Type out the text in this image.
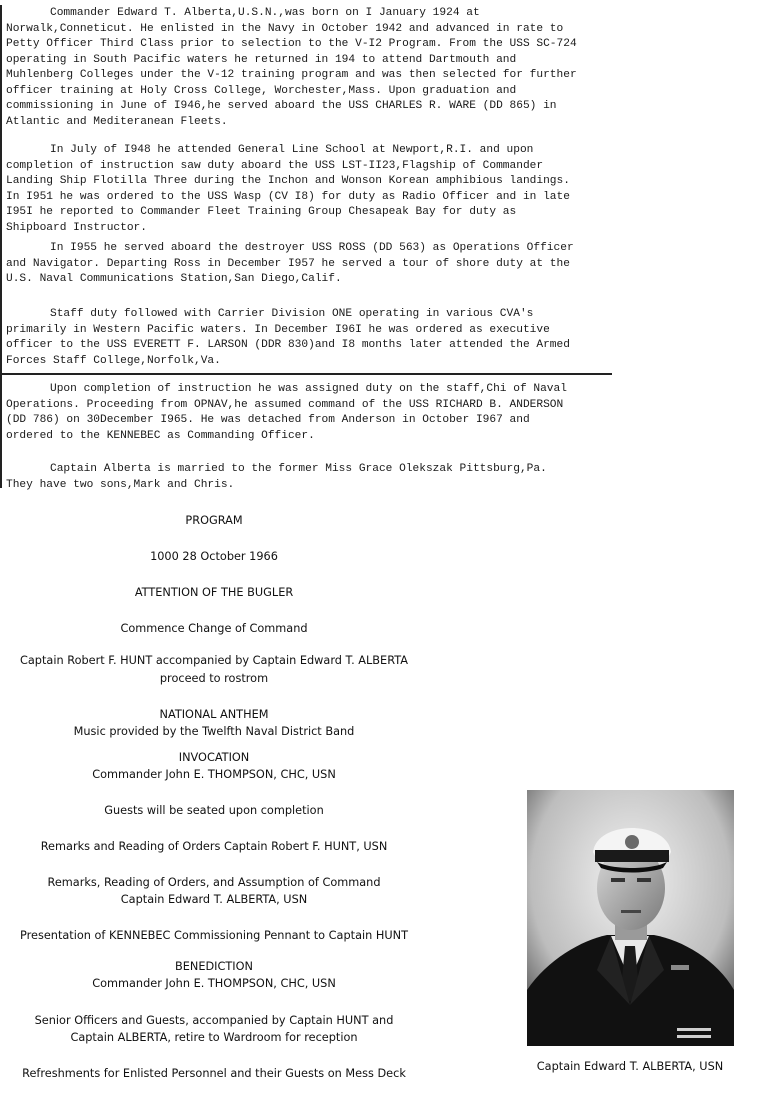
Commander Edward T. Alberta,U.S.N.,was born on I January 1924 at Norwalk,Conneticut. He enlisted in the Navy in October 1942 and advanced in rate to Petty Officer Third Class prior to selection to the V-I2 Program. From the USS SC-724 operating in South Pacific waters he returned in 194 to attend Dartmouth and Muhlenberg Colleges under the V-12 training program and was then selected for further officer training at Holy Cross College, Worchester,Mass. Upon graduation and commissioning in June of I946,he served aboard the USS CHARLES R. WARE (DD 865) in Atlantic and Mediteranean Fleets.

In July of I948 he attended General Line School at Newport,R.I. and upon completion of instruction saw duty aboard the USS LST-II23,Flagship of Commander Landing Ship Flotilla Three during the Inchon and Wonson Korean amphibious landings. In I951 he was ordered to the USS Wasp (CV I8) for duty as Radio Officer and in late I95I he reported to Commander Fleet Training Group Chesapeak Bay for duty as Shipboard Instructor.

In I955 he served aboard the destroyer USS ROSS (DD 563) as Operations Officer and Navigator. Departing Ross in December I957 he served a tour of shore duty at the U.S. Naval Communications Station,San Diego,Calif.

Staff duty followed with Carrier Division ONE operating in various CVA's primarily in Western Pacific waters. In December I96I he was ordered as executive officer to the USS EVERETT F. LARSON (DDR 830)and I8 months later attended the Armed Forces Staff College,Norfolk,Va.

Upon completion of instruction he was assigned duty on the staff,Chi of Naval Operations. Proceeding from OPNAV,he assumed command of the USS RICHARD B. ANDERSON (DD 786) on 30December I965. He was detached from Anderson in October I967 and ordered to the KENNEBEC as Commanding Officer.

Captain Alberta is married to the former Miss Grace Olekszak Pittsburg,Pa. They have two sons,Mark and Chris.

PROGRAM
1000 28 October 1966
ATTENTION OF THE BUGLER
Commence Change of Command
Captain Robert F. HUNT accompanied by Captain Edward T. ALBERTA
proceed to rostrom
NATIONAL ANTHEM
Music provided by the Twelfth Naval District Band
INVOCATION
Commander John E. THOMPSON, CHC, USN
Guests will be seated upon completion
Remarks and Reading of Orders Captain Robert F. HUNT, USN
Remarks, Reading of Orders, and Assumption of Command
Captain Edward T. ALBERTA, USN
Presentation of KENNEBEC Commissioning Pennant to Captain HUNT
BENEDICTION
Commander John E. THOMPSON, CHC, USN
Senior Officers and Guests, accompanied by Captain HUNT and
Captain ALBERTA, retire to Wardroom for reception
Refreshments for Enlisted Personnel and their Guests on Mess Deck
Captain Edward T. ALBERTA, USN
